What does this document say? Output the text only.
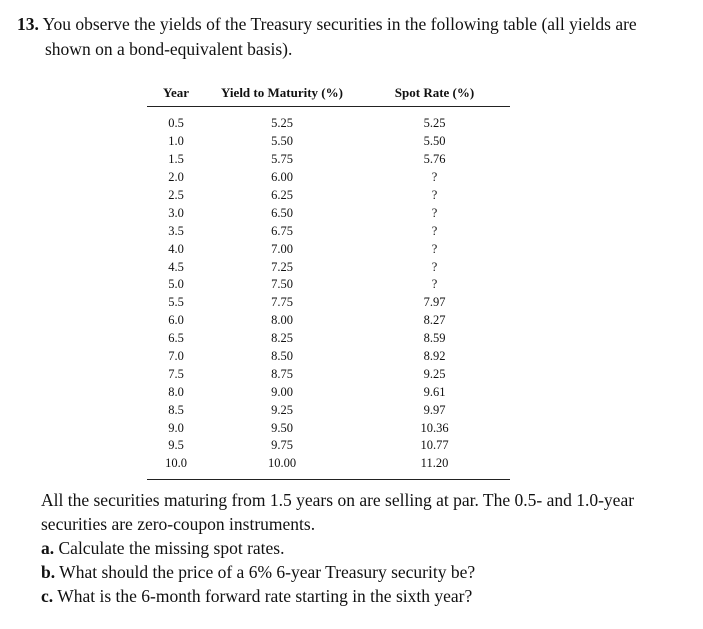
13. You observe the yields of the Treasury securities in the following table (all yields are
shown on a bond-equivalent basis).
Year	Yield to Maturity (%)	Spot Rate (%)
0.5	5.25	5.25
1.0	5.50	5.50
1.5	5.75	5.76
2.0	6.00	?
2.5	6.25	?
3.0	6.50	?
3.5	6.75	?
4.0	7.00	?
4.5	7.25	?
5.0	7.50	?
5.5	7.75	7.97
6.0	8.00	8.27
6.5	8.25	8.59
7.0	8.50	8.92
7.5	8.75	9.25
8.0	9.00	9.61
8.5	9.25	9.97
9.0	9.50	10.36
9.5	9.75	10.77
10.0	10.00	11.20

All the securities maturing from 1.5 years on are selling at par. The 0.5- and 1.0-year

securities are zero-coupon instruments.

a. Calculate the missing spot rates.

b. What should the price of a 6% 6-year Treasury security be?

c. What is the 6-month forward rate starting in the sixth year?
